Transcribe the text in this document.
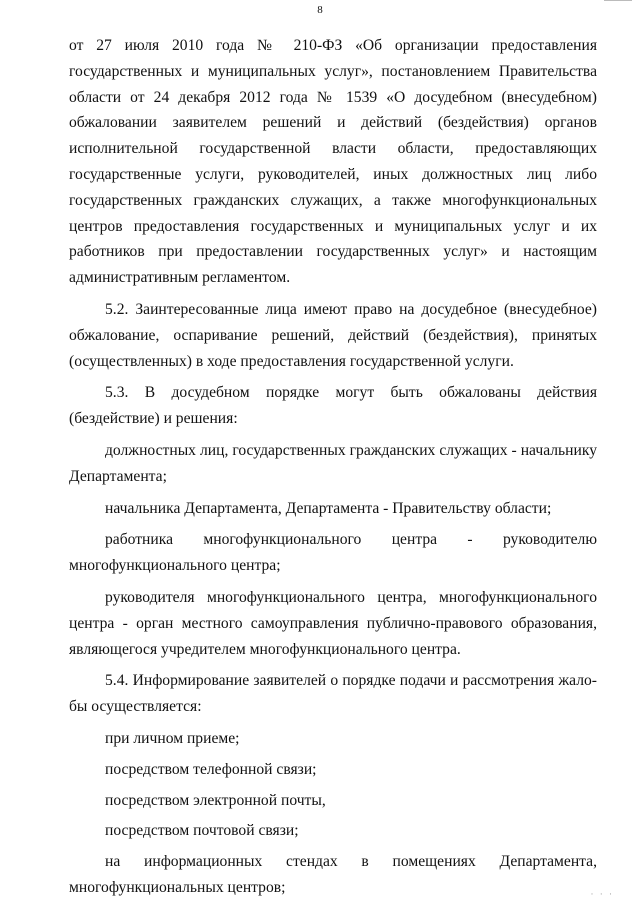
8

от 27 июля 2010 года № 210-ФЗ «Об организации предоставления государственных и муниципальных услуг», постановлением Правительства области от 24 декабря 2012 года № 1539 «О досудебном (внесудебном) обжаловании заявителем решений и действий (бездействия) органов исполнительной государственной власти области, предоставляющих государственные услуги, руководителей, иных должностных лиц либо государственных гражданских служащих, а также многофункциональных центров предоставления государственных и муниципальных услуг и их работников при предоставлении государственных услуг» и настоящим административным регламентом.

5.2. Заинтересованные лица имеют право на досудебное (внесудебное) обжалование, оспаривание решений, действий (бездействия), принятых (осуществленных) в ходе предоставления государственной услуги.

5.3. В досудебном порядке могут быть обжалованы действия (бездействие) и решения:

должностных лиц, государственных гражданских служащих - начальнику Департамента;

начальника Департамента, Департамента - Правительству области;

работника многофункционального центра - руководителю многофункционального центра;

руководителя многофункционального центра, многофункционального центра - орган местного самоуправления публично-правового образования, являющегося учредителем многофункционального центра.

5.4. Информирование заявителей о порядке подачи и рассмотрения жалобы осуществляется:

при личном приеме;

посредством телефонной связи;

посредством электронной почты,

посредством почтовой связи;

на информационных стендах в помещениях Департамента, многофункциональных центров;	· · ·
